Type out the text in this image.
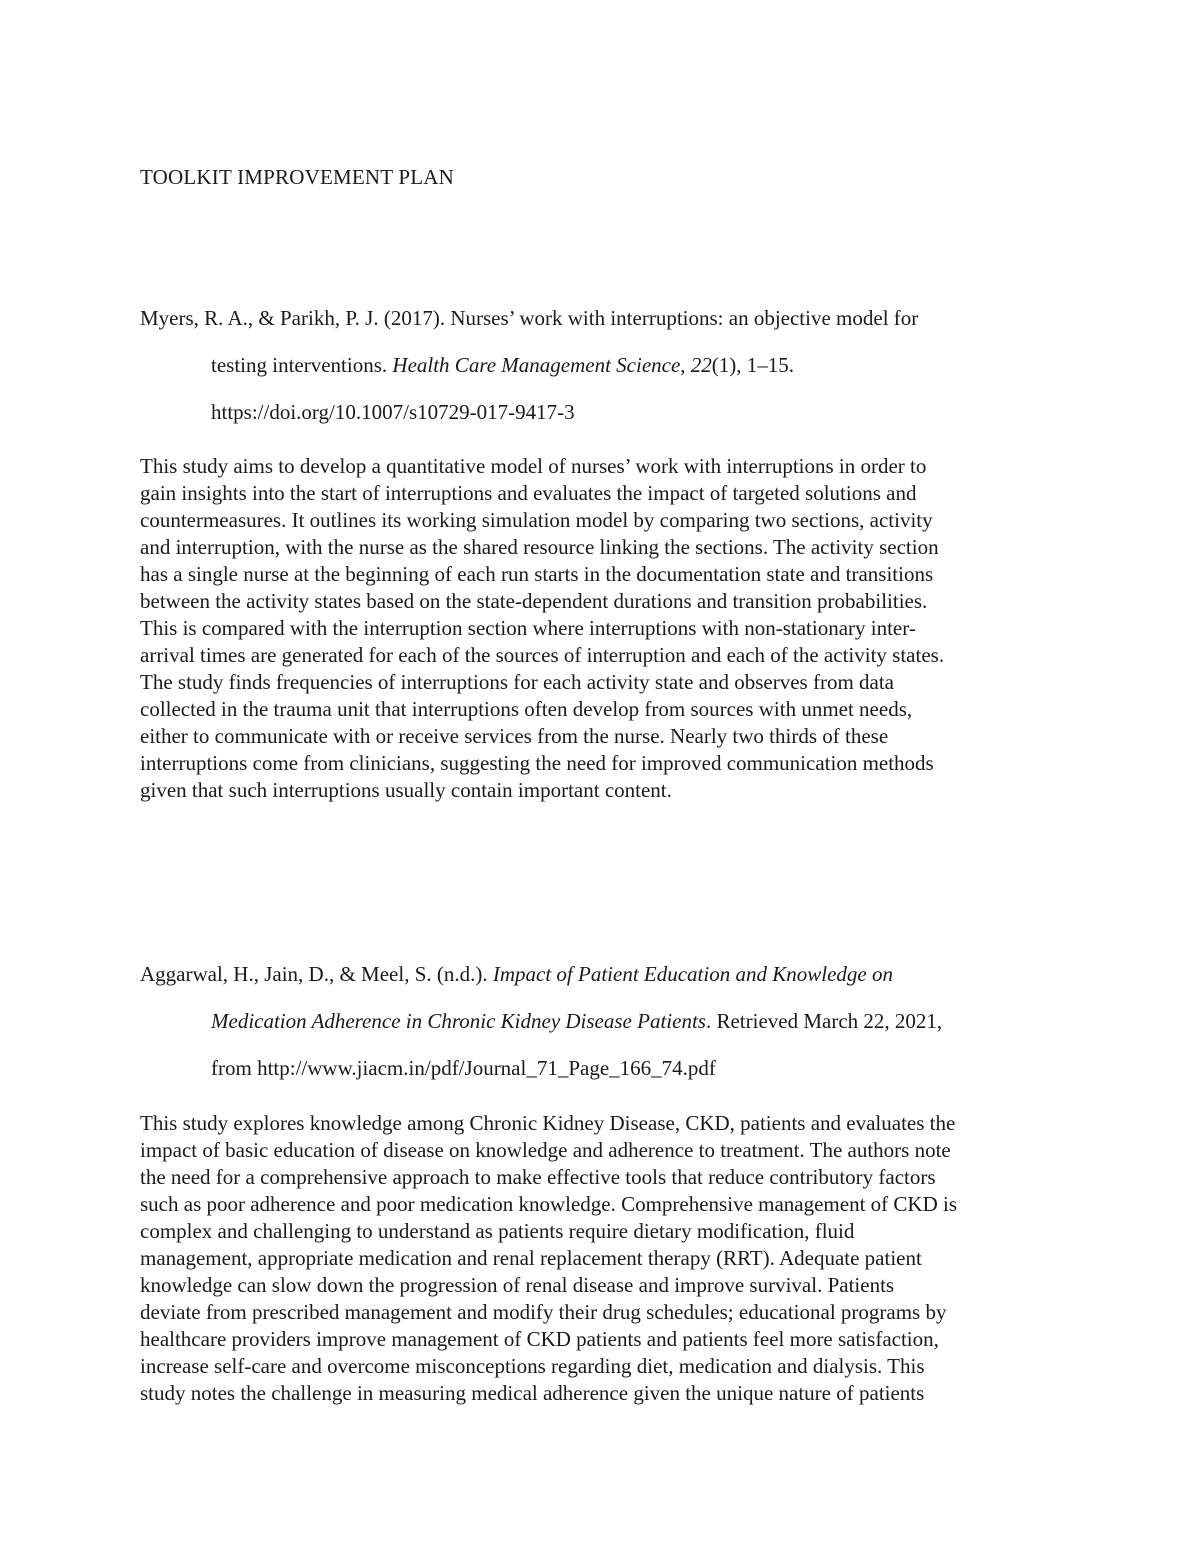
TOOLKIT IMPROVEMENT PLAN
Myers, R. A., & Parikh, P. J. (2017). Nurses’ work with interruptions: an objective model for
testing interventions. Health Care Management Science, 22(1), 1–15.
https://doi.org/10.1007/s10729-017-9417-3

This study aims to develop a quantitative model of nurses’ work with interruptions in order to
gain insights into the start of interruptions and evaluates the impact of targeted solutions and
countermeasures. It outlines its working simulation model by comparing two sections, activity
and interruption, with the nurse as the shared resource linking the sections. The activity section
has a single nurse at the beginning of each run starts in the documentation state and transitions
between the activity states based on the state-dependent durations and transition probabilities.
This is compared with the interruption section where interruptions with non-stationary inter-
arrival times are generated for each of the sources of interruption and each of the activity states.
The study finds frequencies of interruptions for each activity state and observes from data
collected in the trauma unit that interruptions often develop from sources with unmet needs,
either to communicate with or receive services from the nurse. Nearly two thirds of these
interruptions come from clinicians, suggesting the need for improved communication methods
given that such interruptions usually contain important content.

Aggarwal, H., Jain, D., & Meel, S. (n.d.). Impact of Patient Education and Knowledge on
Medication Adherence in Chronic Kidney Disease Patients. Retrieved March 22, 2021,
from http://www.jiacm.in/pdf/Journal_71_Page_166_74.pdf

This study explores knowledge among Chronic Kidney Disease, CKD, patients and evaluates the
impact of basic education of disease on knowledge and adherence to treatment. The authors note
the need for a comprehensive approach to make effective tools that reduce contributory factors
such as poor adherence and poor medication knowledge. Comprehensive management of CKD is
complex and challenging to understand as patients require dietary modification, fluid
management, appropriate medication and renal replacement therapy (RRT). Adequate patient
knowledge can slow down the progression of renal disease and improve survival. Patients
deviate from prescribed management and modify their drug schedules; educational programs by
healthcare providers improve management of CKD patients and patients feel more satisfaction,
increase self-care and overcome misconceptions regarding diet, medication and dialysis. This
study notes the challenge in measuring medical adherence given the unique nature of patients
